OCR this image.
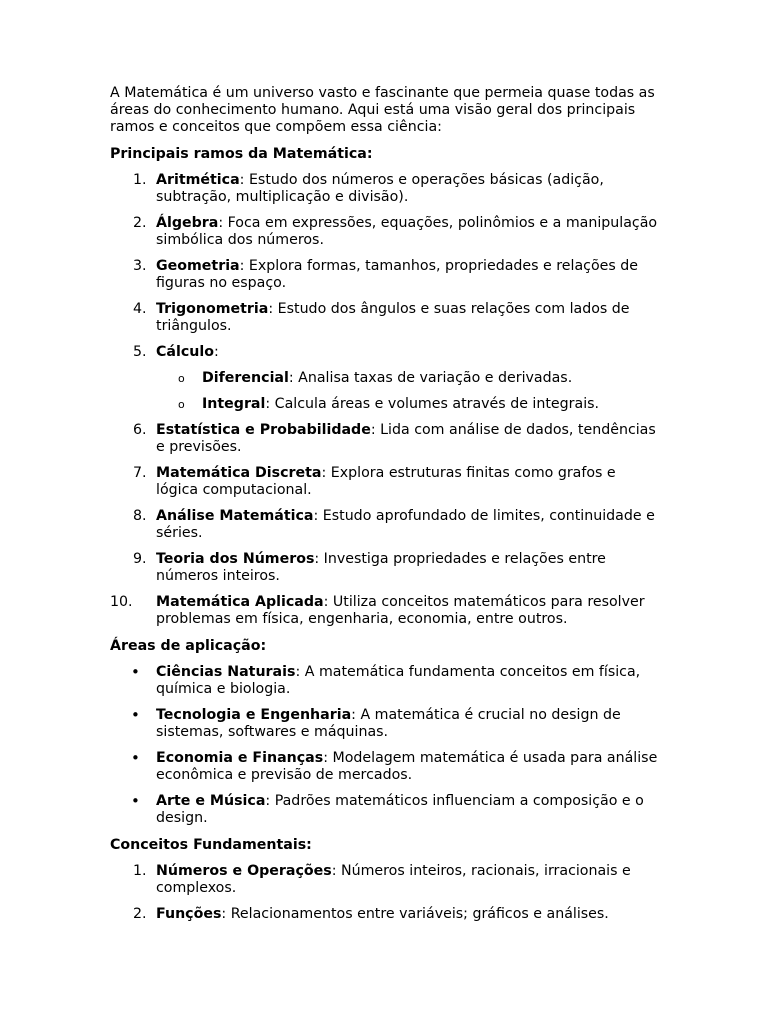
A Matemática é um universo vasto e fascinante que permeia quase todas as áreas do conhecimento humano. Aqui está uma visão geral dos principais ramos e conceitos que compõem essa ciência:

Principais ramos da Matemática:

1. Aritmética: Estudo dos números e operações básicas (adição, subtração, multiplicação e divisão).
2. Álgebra: Foca em expressões, equações, polinômios e a manipulação simbólica dos números.
3. Geometria: Explora formas, tamanhos, propriedades e relações de figuras no espaço.
4. Trigonometria: Estudo dos ângulos e suas relações com lados de triângulos.
5. Cálculo:
o Diferencial: Analisa taxas de variação e derivadas.
o Integral: Calcula áreas e volumes através de integrais.
6. Estatística e Probabilidade: Lida com análise de dados, tendências e previsões.
7. Matemática Discreta: Explora estruturas finitas como grafos e lógica computacional.
8. Análise Matemática: Estudo aprofundado de limites, continuidade e séries.
9. Teoria dos Números: Investiga propriedades e relações entre números inteiros.
10.	Matemática Aplicada: Utiliza conceitos matemáticos para resolver problemas em física, engenharia, economia, entre outros.

Áreas de aplicação:

•	Ciências Naturais: A matemática fundamenta conceitos em física, química e biologia.
•	Tecnologia e Engenharia: A matemática é crucial no design de sistemas, softwares e máquinas.
•	Economia e Finanças: Modelagem matemática é usada para análise econômica e previsão de mercados.
•	Arte e Música: Padrões matemáticos influenciam a composição e o design.

Conceitos Fundamentais:

1. Números e Operações: Números inteiros, racionais, irracionais e complexos.
2. Funções: Relacionamentos entre variáveis; gráficos e análises.
